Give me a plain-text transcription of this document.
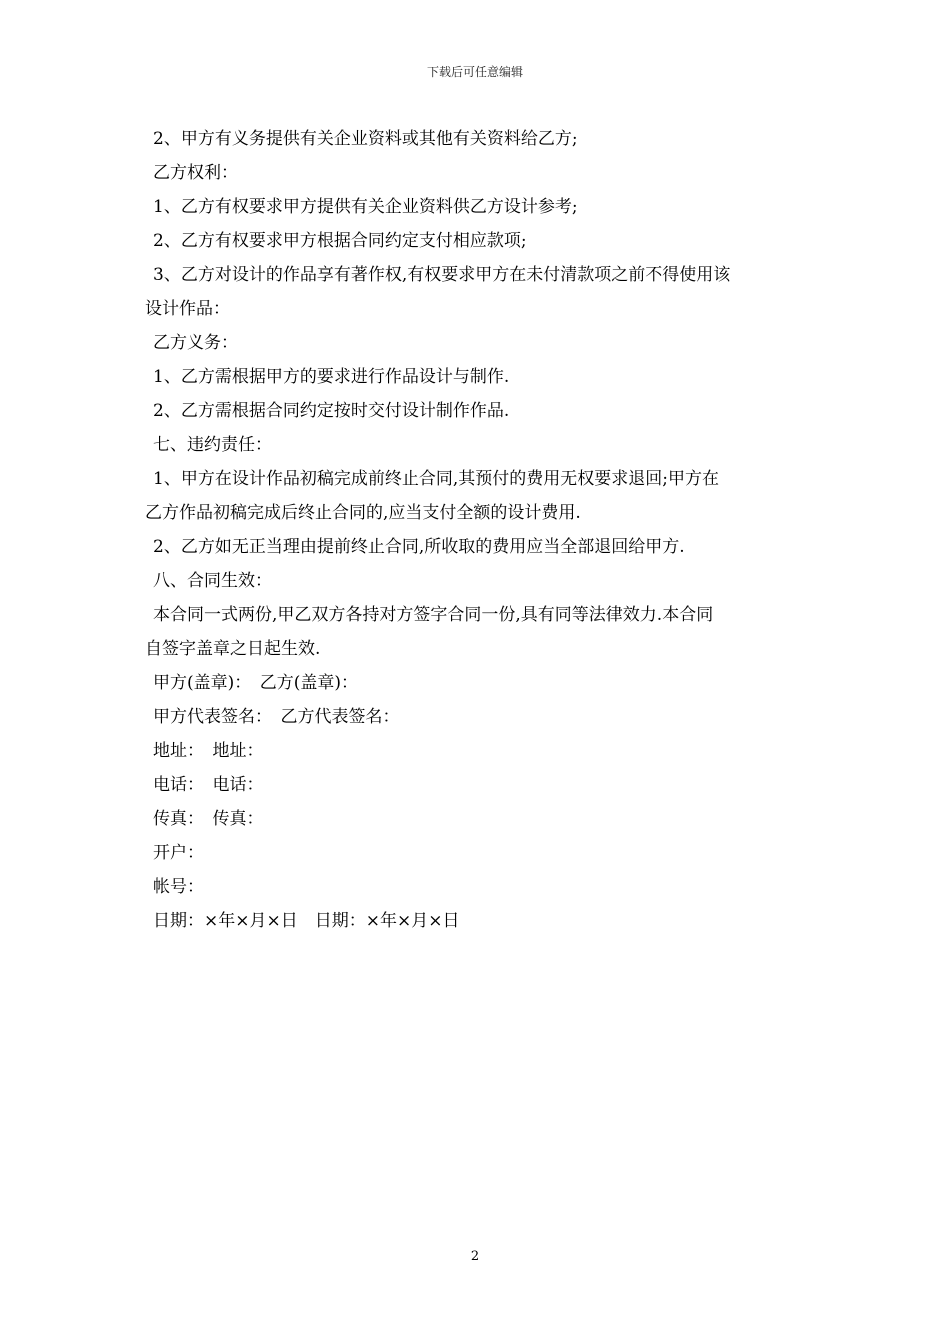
下载后可任意编辑
2、甲方有义务提供有关企业资料或其他有关资料给乙方;
乙方权利：
1、乙方有权要求甲方提供有关企业资料供乙方设计参考;
2、乙方有权要求甲方根据合同约定支付相应款项;
3、乙方对设计的作品享有著作权,有权要求甲方在未付清款项之前不得使用该
设计作品：
乙方义务：
1、乙方需根据甲方的要求进行作品设计与制作.
2、乙方需根据合同约定按时交付设计制作作品.
七、违约责任：
1、甲方在设计作品初稿完成前终止合同,其预付的费用无权要求退回;甲方在
乙方作品初稿完成后终止合同的,应当支付全额的设计费用.
2、乙方如无正当理由提前终止合同,所收取的费用应当全部退回给甲方.
八、合同生效：
本合同一式两份,甲乙双方各持对方签字合同一份,具有同等法律效力.本合同
自签字盖章之日起生效.
甲方(盖章)：　乙方(盖章)：
甲方代表签名：　乙方代表签名：
地址：　地址：
电话：　电话：
传真：　传真：
开户：
帐号：
日期：×年×月×日　日期：×年×月×日
2
